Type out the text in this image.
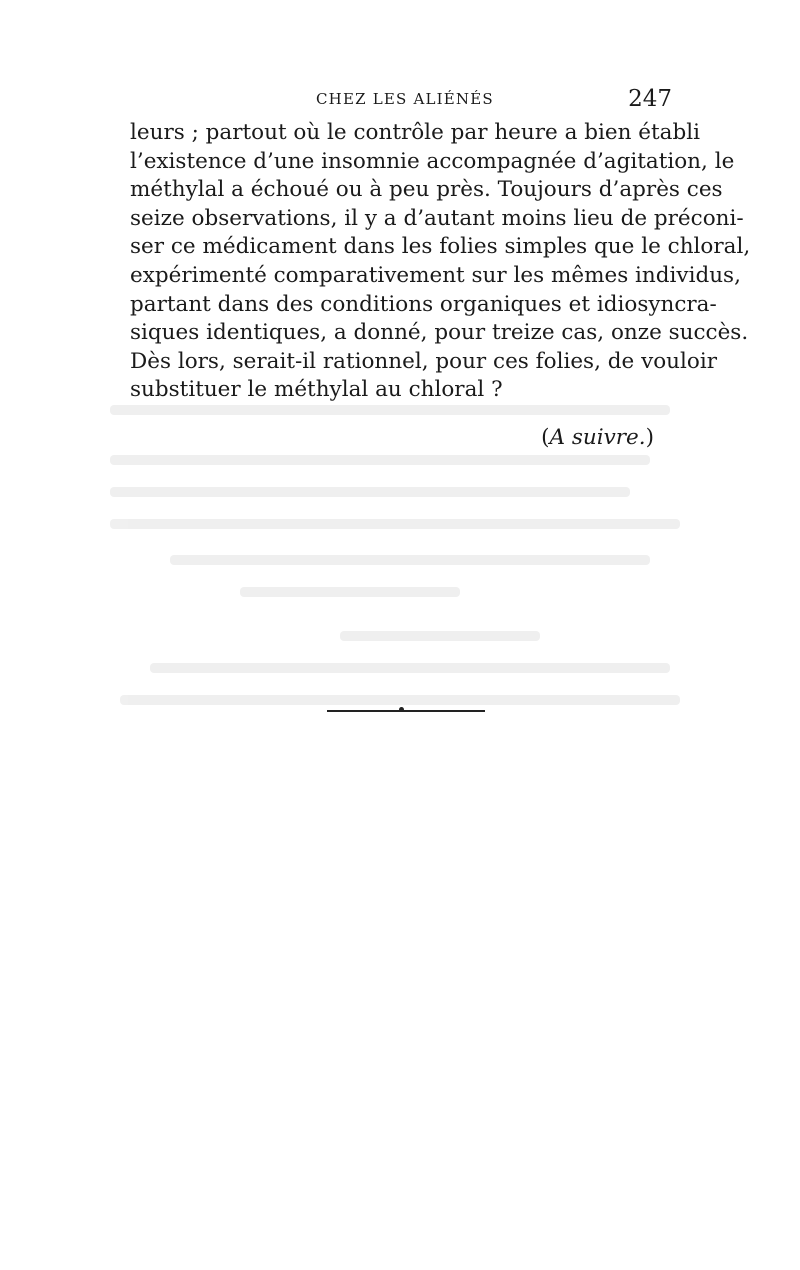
CHEZ LES ALIÉNÉS	247
leurs ; partout où le contrôle par heure a bien établi
l’existence d’une insomnie accompagnée d’agitation, le
méthylal a échoué ou à peu près. Toujours d’après ces
seize observations, il y a d’autant moins lieu de préconi-
ser ce médicament dans les folies simples que le chloral,
expérimenté comparativement sur les mêmes individus,
partant dans des conditions organiques et idiosyncra-
siques identiques, a donné, pour treize cas, onze succès.
Dès lors, serait-il rationnel, pour ces folies, de vouloir
substituer le méthylal au chloral ?
(A suivre.)
